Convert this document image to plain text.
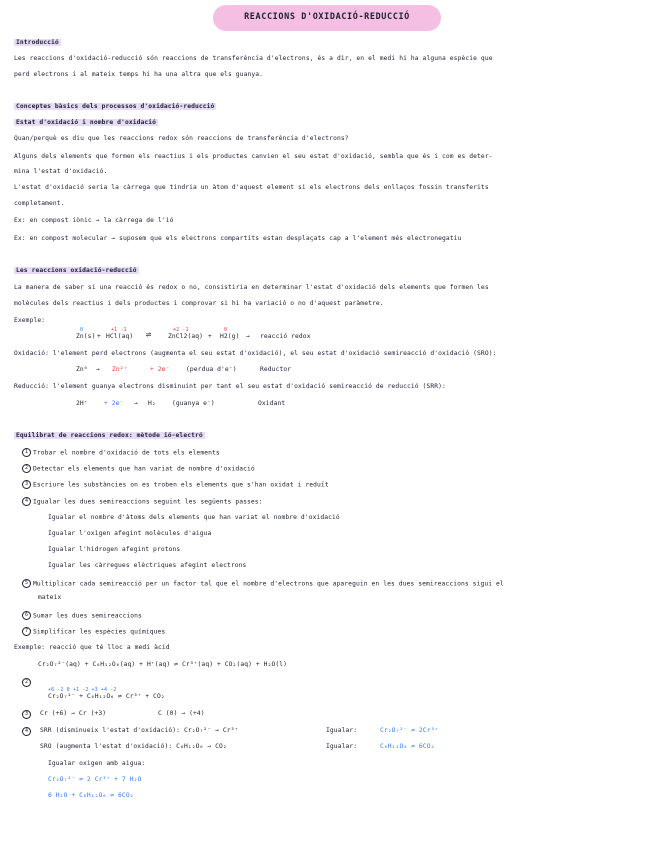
REACCIONS D'OXIDACIÓ-REDUCCIÓ
Introducció
Les reaccions d'oxidació-reducció són reaccions de transferència d'electrons, és a dir, en el medi hi ha alguna espècie que
perd electrons i al mateix temps hi ha una altra que els guanya.
Conceptes bàsics dels processos d'oxidació-reducció
Estat d'oxidació i nombre d'oxidació
Quan/perquè es diu que les reaccions redox són reaccions de transferència d'electrons?
Alguns dels elements que formen els reactius i els productes canvien el seu estat d'oxidació, sembla que és i com es deter-
mina l'estat d'oxidació.
L'estat d'oxidació seria la càrrega que tindria un àtom d'aquest element si els electrons dels enllaços fossin transferits
completament.
Ex: en compost iònic → la càrrega de l'ió
Ex: en compost molecular → suposem que els electrons compartits estan desplaçats cap a l'element més electronegatiu
Les reaccions oxidació-reducció
La manera de saber si una reacció és redox o no, consistiria en determinar l'estat d'oxidació dels elements que formen les
molècules dels reactius i dels productes i comprovar si hi ha variació o no d'aquest paràmetre.
Exemple:
0	+1 -1	+2 -1	0
Zn(s) + HCl(aq) ⇌	ZnCl2(aq) + H2(g) → reacció redox
Oxidació: l'element perd electrons (augmenta el seu estat d'oxidació), el seu estat d'oxidació semireacció d'oxidació (SRO):
Zn⁰ → Zn²⁺	+ 2e⁻	(perdua d'e⁻)	Reductor
Reducció: l'element guanya electrons disminuint per tant el seu estat d'oxidació semireacció de reducció (SRR):
2H⁺	+ 2e⁻ → H₂	(guanya e⁻)	Oxidant
Equilibrat de reaccions redox: mètode ió-electró
1 Trobar el nombre d'oxidació de tots els elements
2 Detectar els elements que han variat de nombre d'oxidació
3 Escriure les substàncies on es troben els elements que s'han oxidat i reduït
4 Igualar les dues semireaccions seguint les següents passes:
Igualar el nombre d'àtoms dels elements que han variat el nombre d'oxidació
Igualar l'oxigen afegint molècules d'aigua
Igualar l'hidrogen afegint protons
Igualar les càrregues elèctriques afegint electrons
5 Multiplicar cada semireacció per un factor tal que el nombre d'electrons que apareguin en les dues semireaccions sigui el
mateix
6 Sumar les dues semireaccions
7 Simplificar les espècies químiques
Exemple: reacció que té lloc a medi àcid
Cr₂O₇²⁻(aq) + C₆H₁₂O₆(aq) + H⁺(aq) ⇌ Cr³⁺(aq) + CO₂(aq) + H₂O(l)
2
+6 -2 0 +1 -2 +3 +4 -2
Cr₂O₇²⁻ + C₆H₁₂O₆ ⇌ Cr³⁺ + CO₂
3	Cr (+6) → Cr (+3)	C (0) → (+4)
4	SRR (disminueix l'estat d'oxidació): Cr₂O₇²⁻ → Cr³⁺	Igualar:	Cr₂O₇²⁻ ⇌ 2Cr³⁺
SRO (augmenta l'estat d'oxidació): C₆H₁₂O₆ → CO₂	Igualar:	C₆H₁₂O₆ ⇌ 6CO₂
Igualar oxigen amb aigua:
Cr₂O₇²⁻ ⇌ 2 Cr³⁺ + 7 H₂O
6 H₂O + C₆H₁₂O₆ ⇌ 6CO₂
